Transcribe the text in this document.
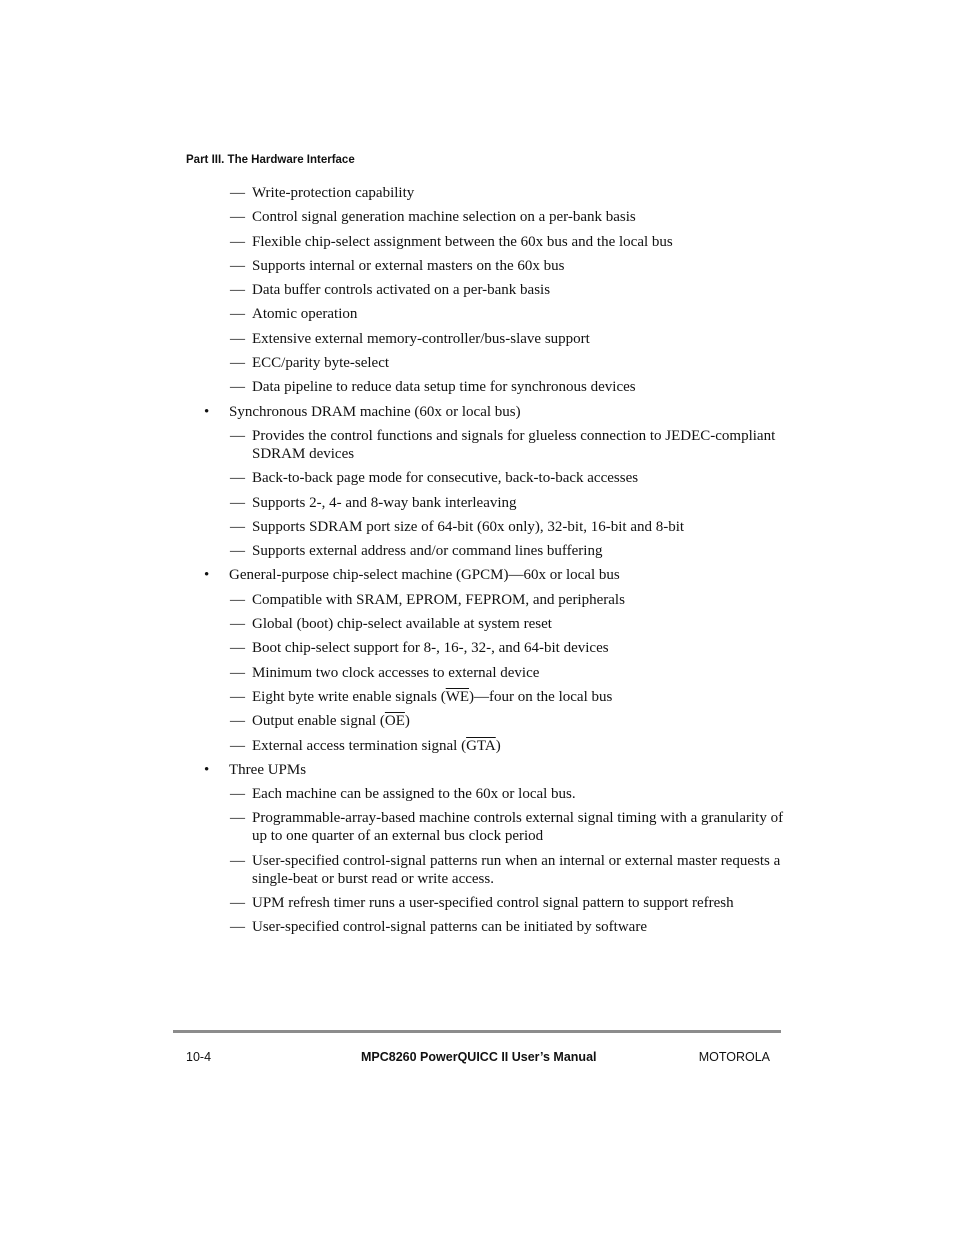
Part III. The Hardware Interface
— Write-protection capability
— Control signal generation machine selection on a per-bank basis
— Flexible chip-select assignment between the 60x bus and the local bus
— Supports internal or external masters on the 60x bus
— Data buffer controls activated on a per-bank basis
— Atomic operation
— Extensive external memory-controller/bus-slave support
— ECC/parity byte-select
— Data pipeline to reduce data setup time for synchronous devices
•	Synchronous DRAM machine (60x or local bus)
— Provides the control functions and signals for glueless connection to JEDEC-compliant SDRAM devices
— Back-to-back page mode for consecutive, back-to-back accesses
— Supports 2-, 4- and 8-way bank interleaving
— Supports SDRAM port size of 64-bit (60x only), 32-bit, 16-bit and 8-bit
— Supports external address and/or command lines buffering
•	General-purpose chip-select machine (GPCM)—60x or local bus
— Compatible with SRAM, EPROM, FEPROM, and peripherals
— Global (boot) chip-select available at system reset
— Boot chip-select support for 8-, 16-, 32-, and 64-bit devices
— Minimum two clock accesses to external device
— Eight byte write enable signals $(\overline{WE})—four$ on the local bus
— Output enable signal $(\overline{OE})$
— External access termination signal $(\overline{GTA})$
•	Three UPMs
— Each machine can be assigned to the 60x or local bus.
— Programmable-array-based machine controls external signal timing with a granularity of up to one quarter of an external bus clock period
— User-specified control-signal patterns run when an internal or external master requests a single-beat or burst read or write access.
— UPM refresh timer runs a user-specified control signal pattern to support refresh
— User-specified control-signal patterns can be initiated by software
10-4	MPC8260 PowerQUICC II User’s Manual	MOTOROLA
